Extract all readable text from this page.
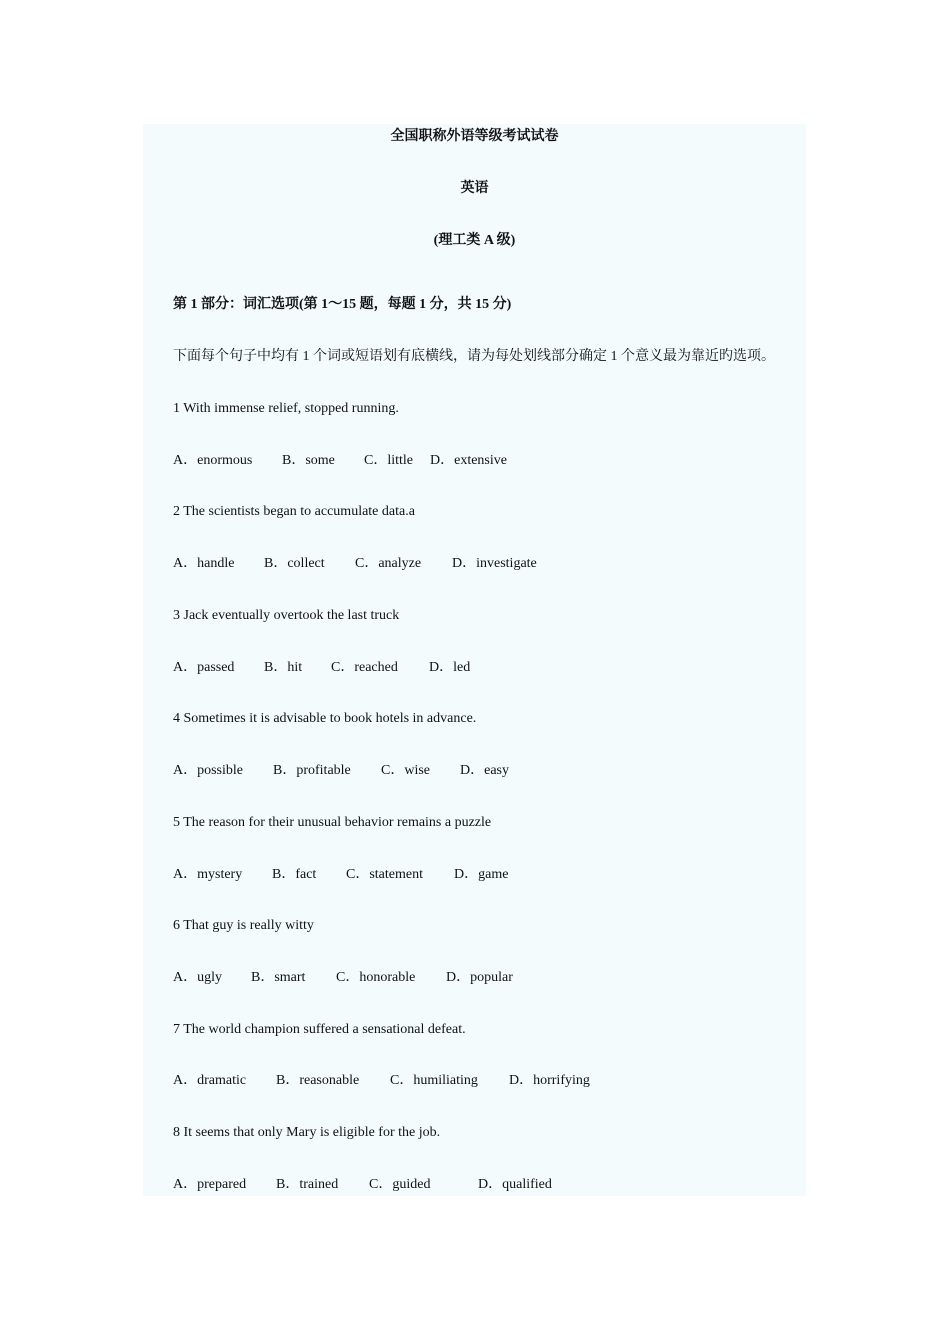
全国职称外语等级考试试卷
英语
(理工类 A 级)
第 1 部分：词汇选项(第 1～15 题，每题 1 分，共 15 分)
下面每个句子中均有 1 个词或短语划有底横线，请为每处划线部分确定 1 个意义最为靠近旳选项。
1 With immense relief, stopped running.
A．enormous B．some C．little D．extensive
2 The scientists began to accumulate data.a
A．handle B．collect C．analyze D．investigate
3 Jack eventually overtook the last truck
A．passed B．hit C．reached D．led
4 Sometimes it is advisable to book hotels in advance.
A．possible B．profitable C．wise D．easy
5 The reason for their unusual behavior remains a puzzle
A．mystery B．fact C．statement D．game
6 That guy is really witty
A．ugly B．smart C．honorable D．popular
7 The world champion suffered a sensational defeat.
A．dramatic B．reasonable C．humiliating D．horrifying
8 It seems that only Mary is eligible for the job.
A．prepared B．trained C．guided	D．qualified
